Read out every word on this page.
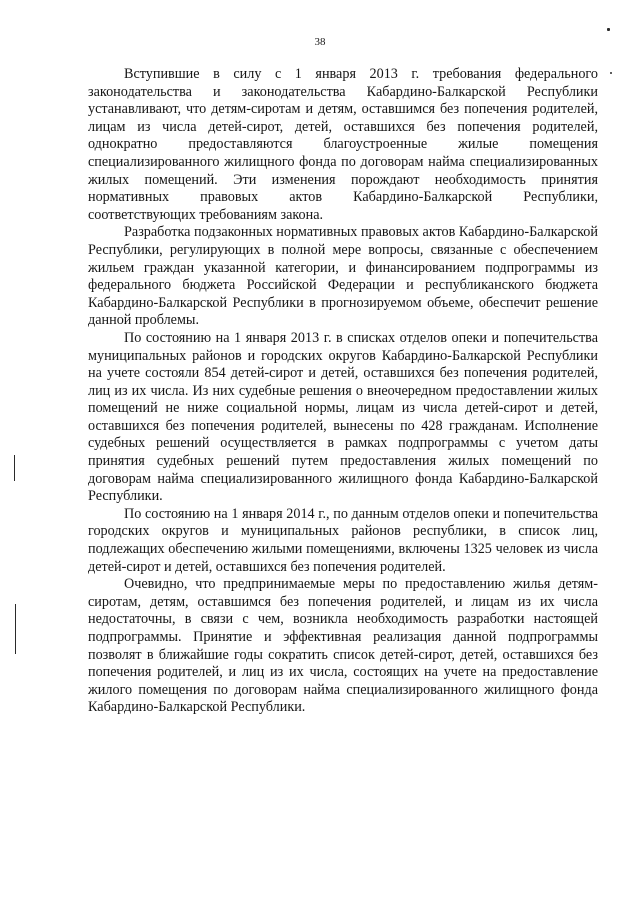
38

Вступившие в силу с 1 января 2013 г. требования федерального законодательства и законодательства Кабардино-Балкарской Республики устанавливают, что детям-сиротам и детям, оставшимся без попечения родителей, лицам из числа детей-сирот, детей, оставшихся без попечения родителей, однократно предоставляются благоустроенные жилые помещения специализированного жилищного фонда по договорам найма специализированных жилых помещений. Эти изменения порождают необходимость принятия нормативных правовых актов Кабардино-Балкарской Республики, соответствующих требованиям закона.

Разработка подзаконных нормативных правовых актов Кабардино-Балкарской Республики, регулирующих в полной мере вопросы, связанные с обеспечением жильем граждан указанной категории, и финансированием подпрограммы из федерального бюджета Российской Федерации и республиканского бюджета Кабардино-Балкарской Республики в прогнозируемом объеме, обеспечит решение данной проблемы.

По состоянию на 1 января 2013 г. в списках отделов опеки и попечительства муниципальных районов и городских округов Кабардино-Балкарской Республики на учете состояли 854 детей-сирот и детей, оставшихся без попечения родителей, лиц из их числа. Из них судебные решения о внеочередном предоставлении жилых помещений не ниже социальной нормы, лицам из числа детей-сирот и детей, оставшихся без попечения родителей, вынесены по 428 гражданам. Исполнение судебных решений осуществляется в рамках подпрограммы с учетом даты принятия судебных решений путем предоставления жилых помещений по договорам найма специализированного жилищного фонда Кабардино-Балкарской Республики.

По состоянию на 1 января 2014 г., по данным отделов опеки и попечительства городских округов и муниципальных районов республики, в список лиц, подлежащих обеспечению жилыми помещениями, включены 1325 человек из числа детей-сирот и детей, оставшихся без попечения родителей.

Очевидно, что предпринимаемые меры по предоставлению жилья детям-сиротам, детям, оставшимся без попечения родителей, и лицам из их числа недостаточны, в связи с чем, возникла необходимость разработки настоящей подпрограммы. Принятие и эффективная реализация данной подпрограммы позволят в ближайшие годы сократить список детей-сирот, детей, оставшихся без попечения родителей, и лиц из их числа, состоящих на учете на предоставление жилого помещения по договорам найма специализированного жилищного фонда Кабардино-Балкарской Республики.
